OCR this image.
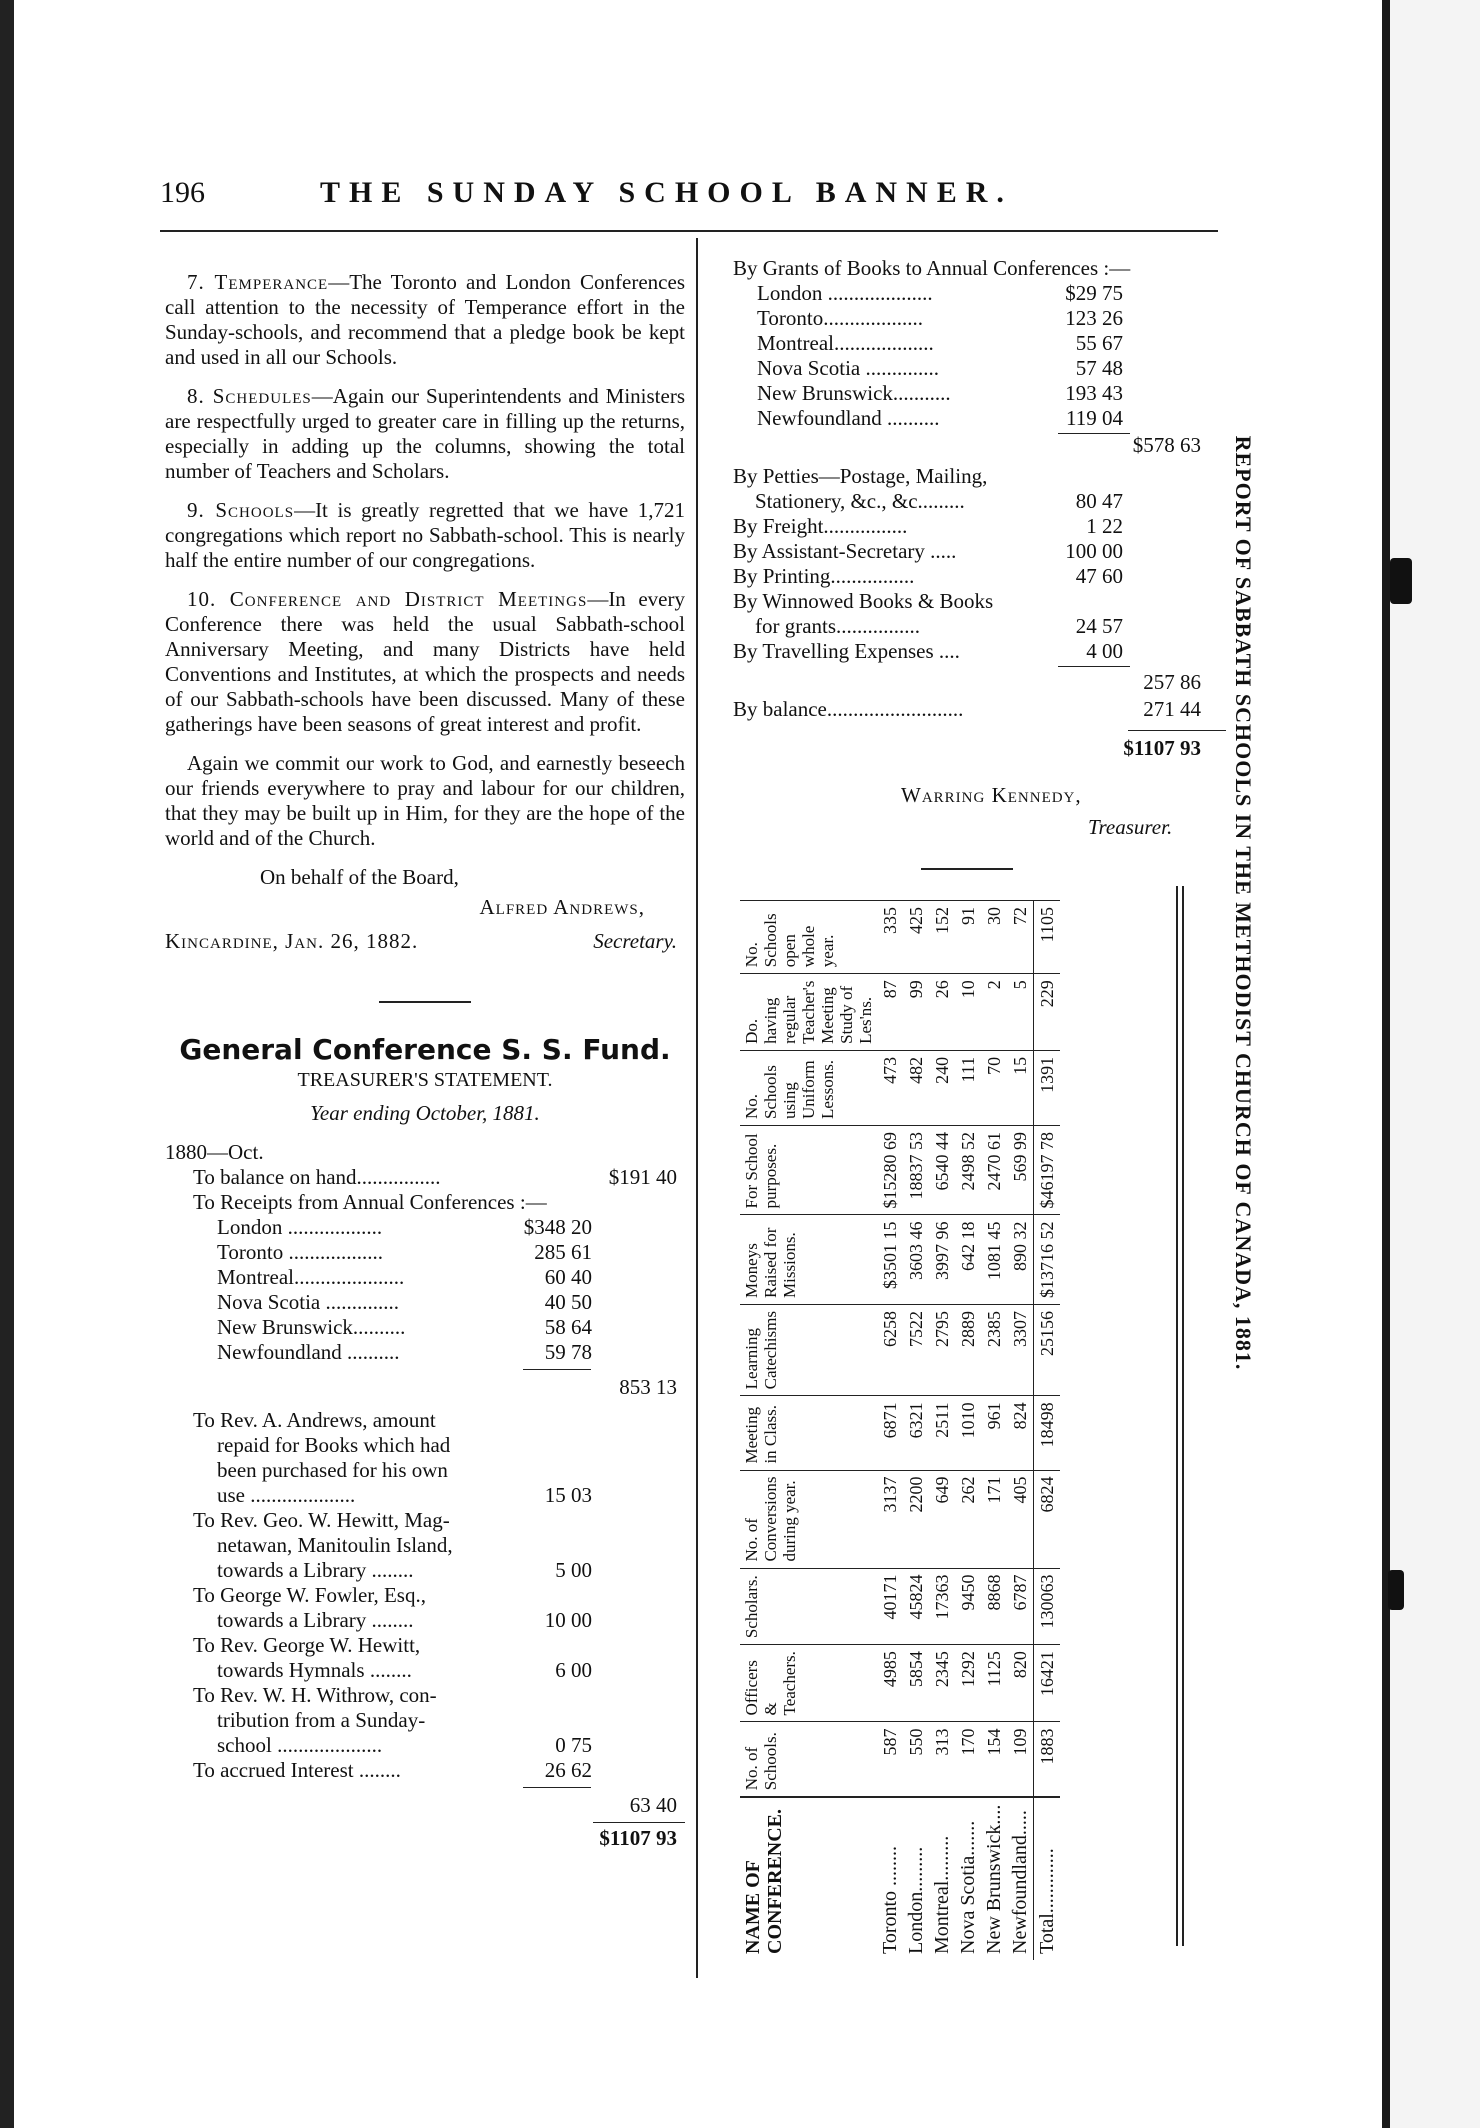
196	THE SUNDAY SCHOOL BANNER.

7. Temperance—The Toronto and London Conferences call attention to the necessity of Temperance effort in the Sunday-schools, and recommend that a pledge book be kept and used in all our Schools.

8. Schedules—Again our Superintendents and Ministers are respectfully urged to greater care in filling up the returns, especially in adding up the columns, showing the total number of Teachers and Scholars.

9. Schools—It is greatly regretted that we have 1,721 congregations which report no Sabbath-school. This is nearly half the entire number of our congregations.

10. Conference and District Meetings—In every Conference there was held the usual Sabbath-school Anniversary Meeting, and many Districts have held Conventions and Institutes, at which the prospects and needs of our Sabbath-schools have been discussed. Many of these gatherings have been seasons of great interest and profit.

Again we commit our work to God, and earnestly beseech our friends everywhere to pray and labour for our children, that they may be built up in Him, for they are the hope of the world and of the Church.

On behalf of the Board,
Alfred Andrews,
Kincardine, Jan. 26, 1882.	Secretary.
General Conference S. S. Fund.
TREASURER'S STATEMENT.
Year ending October, 1881.
1880—Oct.
To balance on hand................	$191 40
To Receipts from Annual Conferences :—
London ..................	$348 20
Toronto ..................	285 61
Montreal.....................	60 40
Nova Scotia ..............	40 50
New Brunswick..........	58 64
Newfoundland ..........	59 78
853 13
To Rev. A. Andrews, amount
repaid for Books which had
been purchased for his own
use ....................	15 03
To Rev. Geo. W. Hewitt, Mag-
netawan, Manitoulin Island,
towards a Library ........	5 00
To George W. Fowler, Esq.,
towards a Library ........	10 00
To Rev. George W. Hewitt,
towards Hymnals ........	6 00
To Rev. W. H. Withrow, con-
tribution from a Sunday-
school ....................	0 75
To accrued Interest ........	26 62
63 40
$1107 93
By Grants of Books to Annual Conferences :—
London ....................	$29 75
Toronto...................	123 26
Montreal...................	55 67
Nova Scotia ..............	57 48
New Brunswick...........	193 43
Newfoundland ..........	119 04
$578 63
By Petties—Postage, Mailing,
Stationery, &c., &c.........	80 47
By Freight................	1 22
By Assistant-Secretary .....	100 00
By Printing................	47 60
By Winnowed Books & Books
for grants................	24 57
By Travelling Expenses ....	4 00
257 86
By balance..........................	271 44
$1107 93
Warring Kennedy,
Treasurer.	REPORT OF SABBATH SCHOOLS IN THE METHODIST CHURCH OF CANADA, 1881.
NAME OF CONFERENCE.	No. of Schools.	Officers & Teachers.	Scholars.	No. of Conversions during year.	Meeting in Class.	Learning Catechisms	Moneys Raised for Missions.	For School purposes.	No. Schools using Uniform Lessons.	Do. having regular Teacher's Meeting Study of Les'ns.	No. Schools open whole year.
Toronto ........	587	4985	40171	3137	6871	6258	$3501 15	$15280 69	473	87	335
London.........	550	5854	45824	2200	6321	7522	3603 46	18837 53	482	99	425
Montreal.........	313	2345	17363	649	2511	2795	3997 96	6540 44	240	26	152
Nova Scotia.......	170	1292	9450	262	1010	2889	642 18	2498 52	111	10	91
New Brunswick....	154	1125	8868	171	961	2385	1081 45	2470 61	70	2	30
Newfoundland.....	109	820	6787	405	824	3307	890 32	569 99	15	5	72
Total.............	1883	16421	130063	6824	18498	25156	$13716 52	$46197 78	1391	229	1105
